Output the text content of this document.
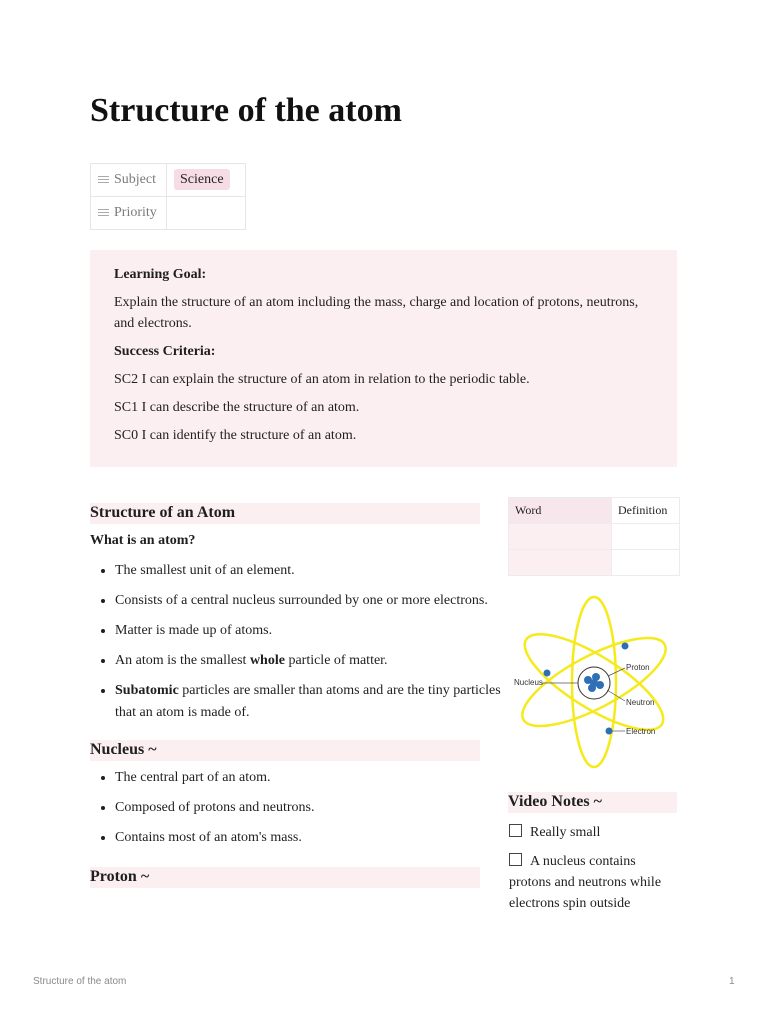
Structure of the atom
Subject	Science

Priority	

Learning Goal:

Explain the structure of an atom including the mass, charge and location of protons, neutrons, and electrons.

Success Criteria:

SC2 I can explain the structure of an atom in relation to the periodic table.

SC1 I can describe the structure of an atom.

SC0 I can identify the structure of an atom.

Structure of an Atom
What is an atom?
• The smallest unit of an element.
• Consists of a central nucleus surrounded by one or more electrons.
• Matter is made up of atoms.
• An atom is the smallest whole particle of matter.
• Subatomic particles are smaller than atoms and are the tiny particles that an atom is made of.
Nucleus ~
• The central part of an atom.
• Composed of protons and neutrons.
• Contains most of an atom's mass.
Proton ~
Word	Definition

Nucleus
Proton
Neutron
Electron
Video Notes ~
Really small
A nucleus contains protons and neutrons while electrons spin outside
Structure of the atom	1
